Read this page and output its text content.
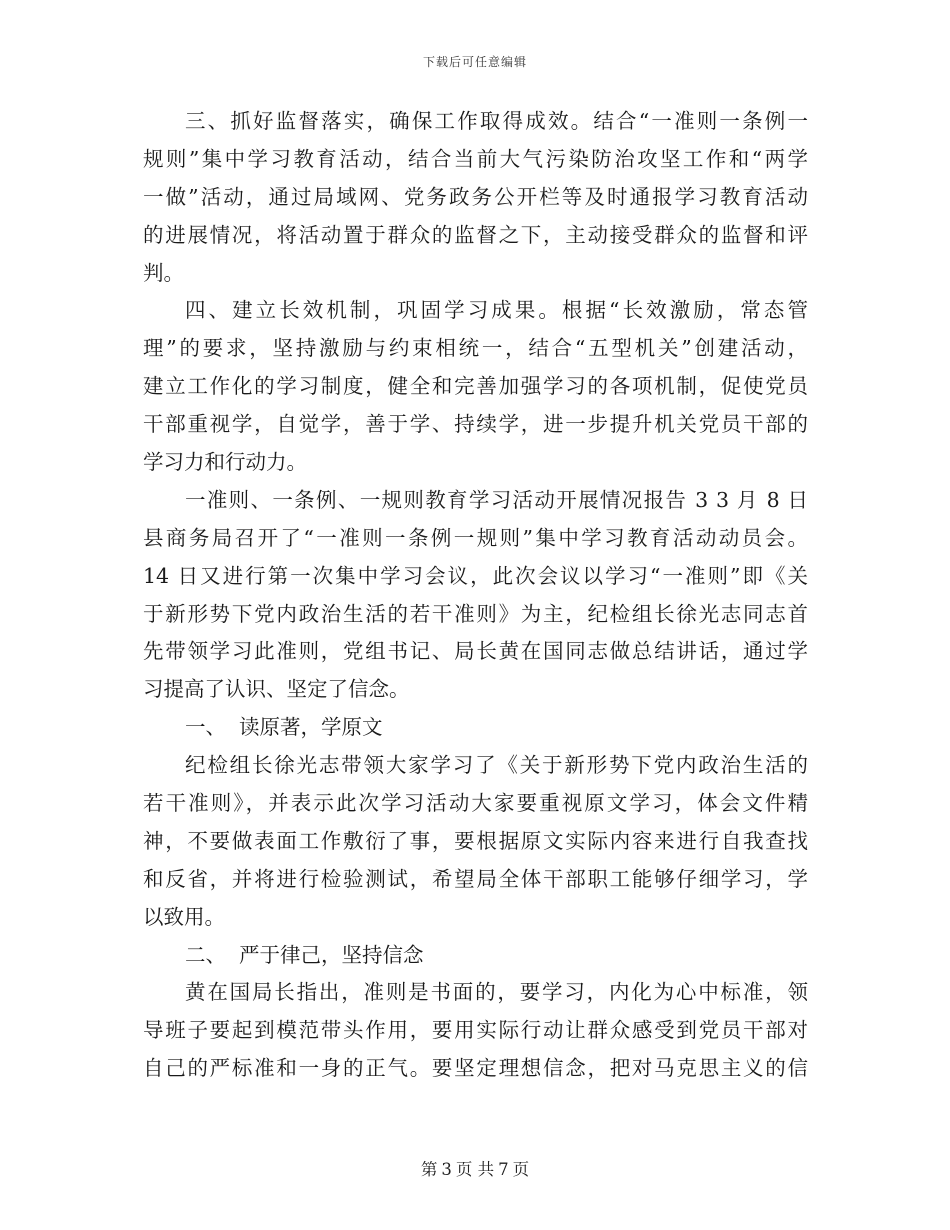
下载后可任意编辑
三、抓好监督落实，确保工作取得成效。结合“一准则一条例一
规则”集中学习教育活动，结合当前大气污染防治攻坚工作和“两学
一做”活动，通过局域网、党务政务公开栏等及时通报学习教育活动
的进展情况，将活动置于群众的监督之下，主动接受群众的监督和评
判。
四、建立长效机制，巩固学习成果。根据“长效激励，常态管
理”的要求，坚持激励与约束相统一，结合“五型机关”创建活动，
建立工作化的学习制度，健全和完善加强学习的各项机制，促使党员
干部重视学，自觉学，善于学、持续学，进一步提升机关党员干部的
学习力和行动力。
一准则、一条例、一规则教育学习活动开展情况报告 3 3 月 8 日
县商务局召开了“一准则一条例一规则”集中学习教育活动动员会。
14 日又进行第一次集中学习会议，此次会议以学习“一准则”即《关
于新形势下党内政治生活的若干准则》为主，纪检组长徐光志同志首
先带领学习此准则，党组书记、局长黄在国同志做总结讲话，通过学
习提高了认识、坚定了信念。
一、  读原著，学原文
纪检组长徐光志带领大家学习了《关于新形势下党内政治生活的
若干准则》，并表示此次学习活动大家要重视原文学习，体会文件精
神，不要做表面工作敷衍了事，要根据原文实际内容来进行自我查找
和反省，并将进行检验测试，希望局全体干部职工能够仔细学习，学
以致用。
二、  严于律己，坚持信念
黄在国局长指出，准则是书面的，要学习，内化为心中标准，领
导班子要起到模范带头作用，要用实际行动让群众感受到党员干部对
自己的严标准和一身的正气。要坚定理想信念，把对马克思主义的信
第 3 页 共 7 页
